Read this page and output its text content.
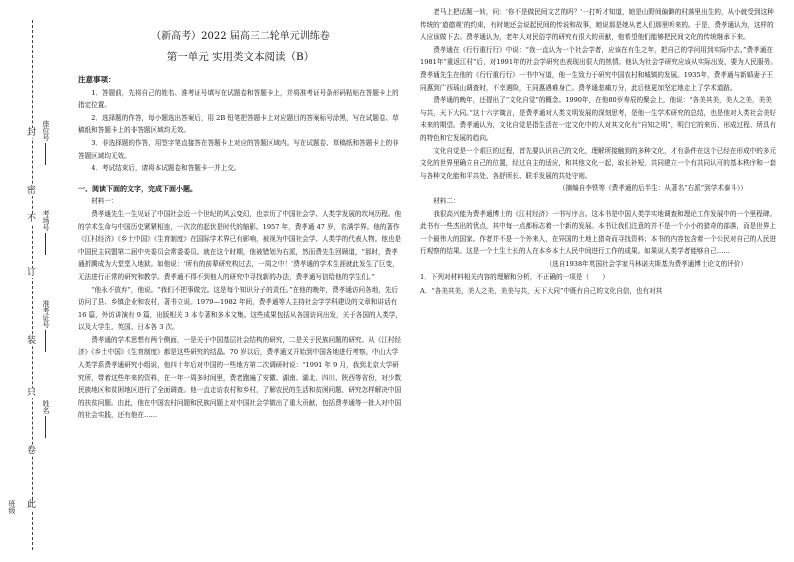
封
密
不
订
装
只
卷
此
座位号
考场号
准考证号
姓名
班级
（新高考）2022 届高三二轮单元训练卷
第一单元 实用类文本阅读（B）
注意事项：

1．答题前，先将自己的姓名、准考证号填写在试题卷和答题卡上，并将准考证号条形码粘贴在答题卡上的指定位置。

2．选择题的作答，每小题选出答案后，用 2B 铅笔把答题卡上对应题目的答案标号涂黑，写在试题卷、草稿纸和答题卡上的非答题区域均无效。

3．非选择题的作答，用签字笔直接答在答题卡上对应的答题区域内。写在试题卷、草稿纸和答题卡上的非答题区域均无效。

4．考试结束后，请将本试题卷和答题卡一并上交。

一、阅读下面的文字，完成下面小题。

材料一：

费孝通先生一生见证了中国社会近一个世纪的风云变幻，也亲历了中国社会学、人类学发展的坎坷历程。他的学术生命与中国历史紧紧相连，一次次的起伏是时代的缩影。1957 年，费孝通 47 岁，名满学界。他的著作《江村经济》《乡土中国》《生育制度》在国际学术界已有影响，被视为中国社会学、人类学的代表人物。他也是中国民主同盟第二届中央委员会常委委员。就在这个时期，他被错划为右派，然而费先生回顾道，“那时，费孝通折腾成为大堂堂入地狱。如他说：‘所有的前辈研究构过去，一周之中！’费孝通的学术生涯就此发生了巨变，无法进行正常的研究和教学。费孝通不得不到他人的研究中寻找新的办法，费孝通写信给他的学生们。”

“他永不放弃”，他说。“我们不把事做完。这是每个知识分子的责任。”在他的晚年，费孝通访问各地，先后访问了县、乡镇企业和农村，著书立说。1979—1982 年间，费孝通等人主持社会学学科建设的文章和讲话有 16 篇，外访讲演有 9 篇，出版相关 3 本专著和多本文集。这些成果包括从各国访问出发，关于各国的人类学，以及大学生、英国、日本各 3 次。

费孝通的学术思想有两个侧面，一是关于中国基层社会结构的研究，二是关于民族问题的研究。从《江村经济》《乡土中国》《生育制度》都是这些研究的结晶。70 岁以后，费孝通又开始到中国各地进行考察。中山大学人类学系费孝通研究小组说，他四十年后对中国的一些地方第二次调研时说：“1991 年 9 月，我到北京大学研究所，带着这些年来的资料，在一年一周多时间里，费老跑遍了安徽、湖南、湖北、四川、陕西等省份，对少数民族地区和贫困地区进行了全面调查。他一直走访农村和乡村，了解农民的生活和贫困问题，研究怎样解决中国的扶贫问题。由此，他在中国农村问题和民族问题上对中国社会学做出了重大贡献，包括费孝通等一批人对中国的社会实践，还有他在……

老马上把话题一转，问：‘你不是做民间文艺的吗？’一打听才知道，她是山野间偏僻的村落里出生的，从小就受到这种传统的‘道德观’的约束，有时她还会说起民间的传说和故事，她说那是她从老人们那里听来的。于是，费孝通认为，这样的人应该做下去。费孝通认为，老年人对民俗学的研究有很大的贡献，他希望他们能够把民间文化的传统继承下来。

费孝通在《行行重行行》中说：“我一直认为一个社会学者，应该在有生之年，把自己的学问用到实际中去。”费孝通在1981年“重返江村”后，对1991年的社会学研究也表现出很大的热情。他认为社会学研究应该从实际出发，要为人民服务。费孝通先生在他的《行行重行行》一书中写道，他一生致力于研究中国农村和城镇的发展。1935年，费孝通与新婚妻子王同惠到广西瑶山调查时，不幸遇险，王同惠遇难身亡。费孝通悲痛万分，此后他更加坚定地走上了学术道路。

费孝通的晚年，还提出了“文化自觉”的概念。1990年，在他80岁寿辰的聚会上，他说：“各美其美，美人之美，美美与共，天下大同。”这十六字箴言，是费孝通对人类文明发展的深刻思考，是他一生学术研究的总结，也是他对人类社会美好未来的期望。费孝通认为，文化自觉是指生活在一定文化中的人对其文化有“自知之明”，明白它的来历、形成过程、所具有的特色和它发展的趋向。

文化自觉是一个艰巨的过程，首先要认识自己的文化，理解所接触到的多种文化，才有条件在这个已经在形成中的多元文化的世界里确立自己的位置，经过自主的适应，和其他文化一起，取长补短，共同建立一个有共同认可的基本秩序和一套与各种文化能和平共处、各舒所长、联手发展的共处守则。

（摘编自李铁等《费孝通的后半生：从著名“右派”到学术泰斗》）

材料二：

我很高兴能为费孝通博士的《江村经济》一书写序言。这本书是中国人类学实地调查和理论工作发展中的一个里程碑。此书有一些杰出的优点，其中每一点都标志着一个新的发展。本书让我们注意的并不是一个小小的猎奇的部落，而是世界上一个最伟大的国家。作者并不是一个外来人，在异国的土地上猎奇而寻找资料；本书的内容包含着一个公民对自己的人民进行观察的结果。这是一个土生土长的人在本乡本土人民中间进行工作的成果。如果说人类学者能够自己……

（选自1938年英国社会学家马林诺夫斯基为费孝通博士论文的评价）

1．下列对材料相关内容的理解和分析，不正确的一项是（　　）

A．“各美其美，美人之美，美美与共，天下大同”中既有自己的文化自信，也有对其
